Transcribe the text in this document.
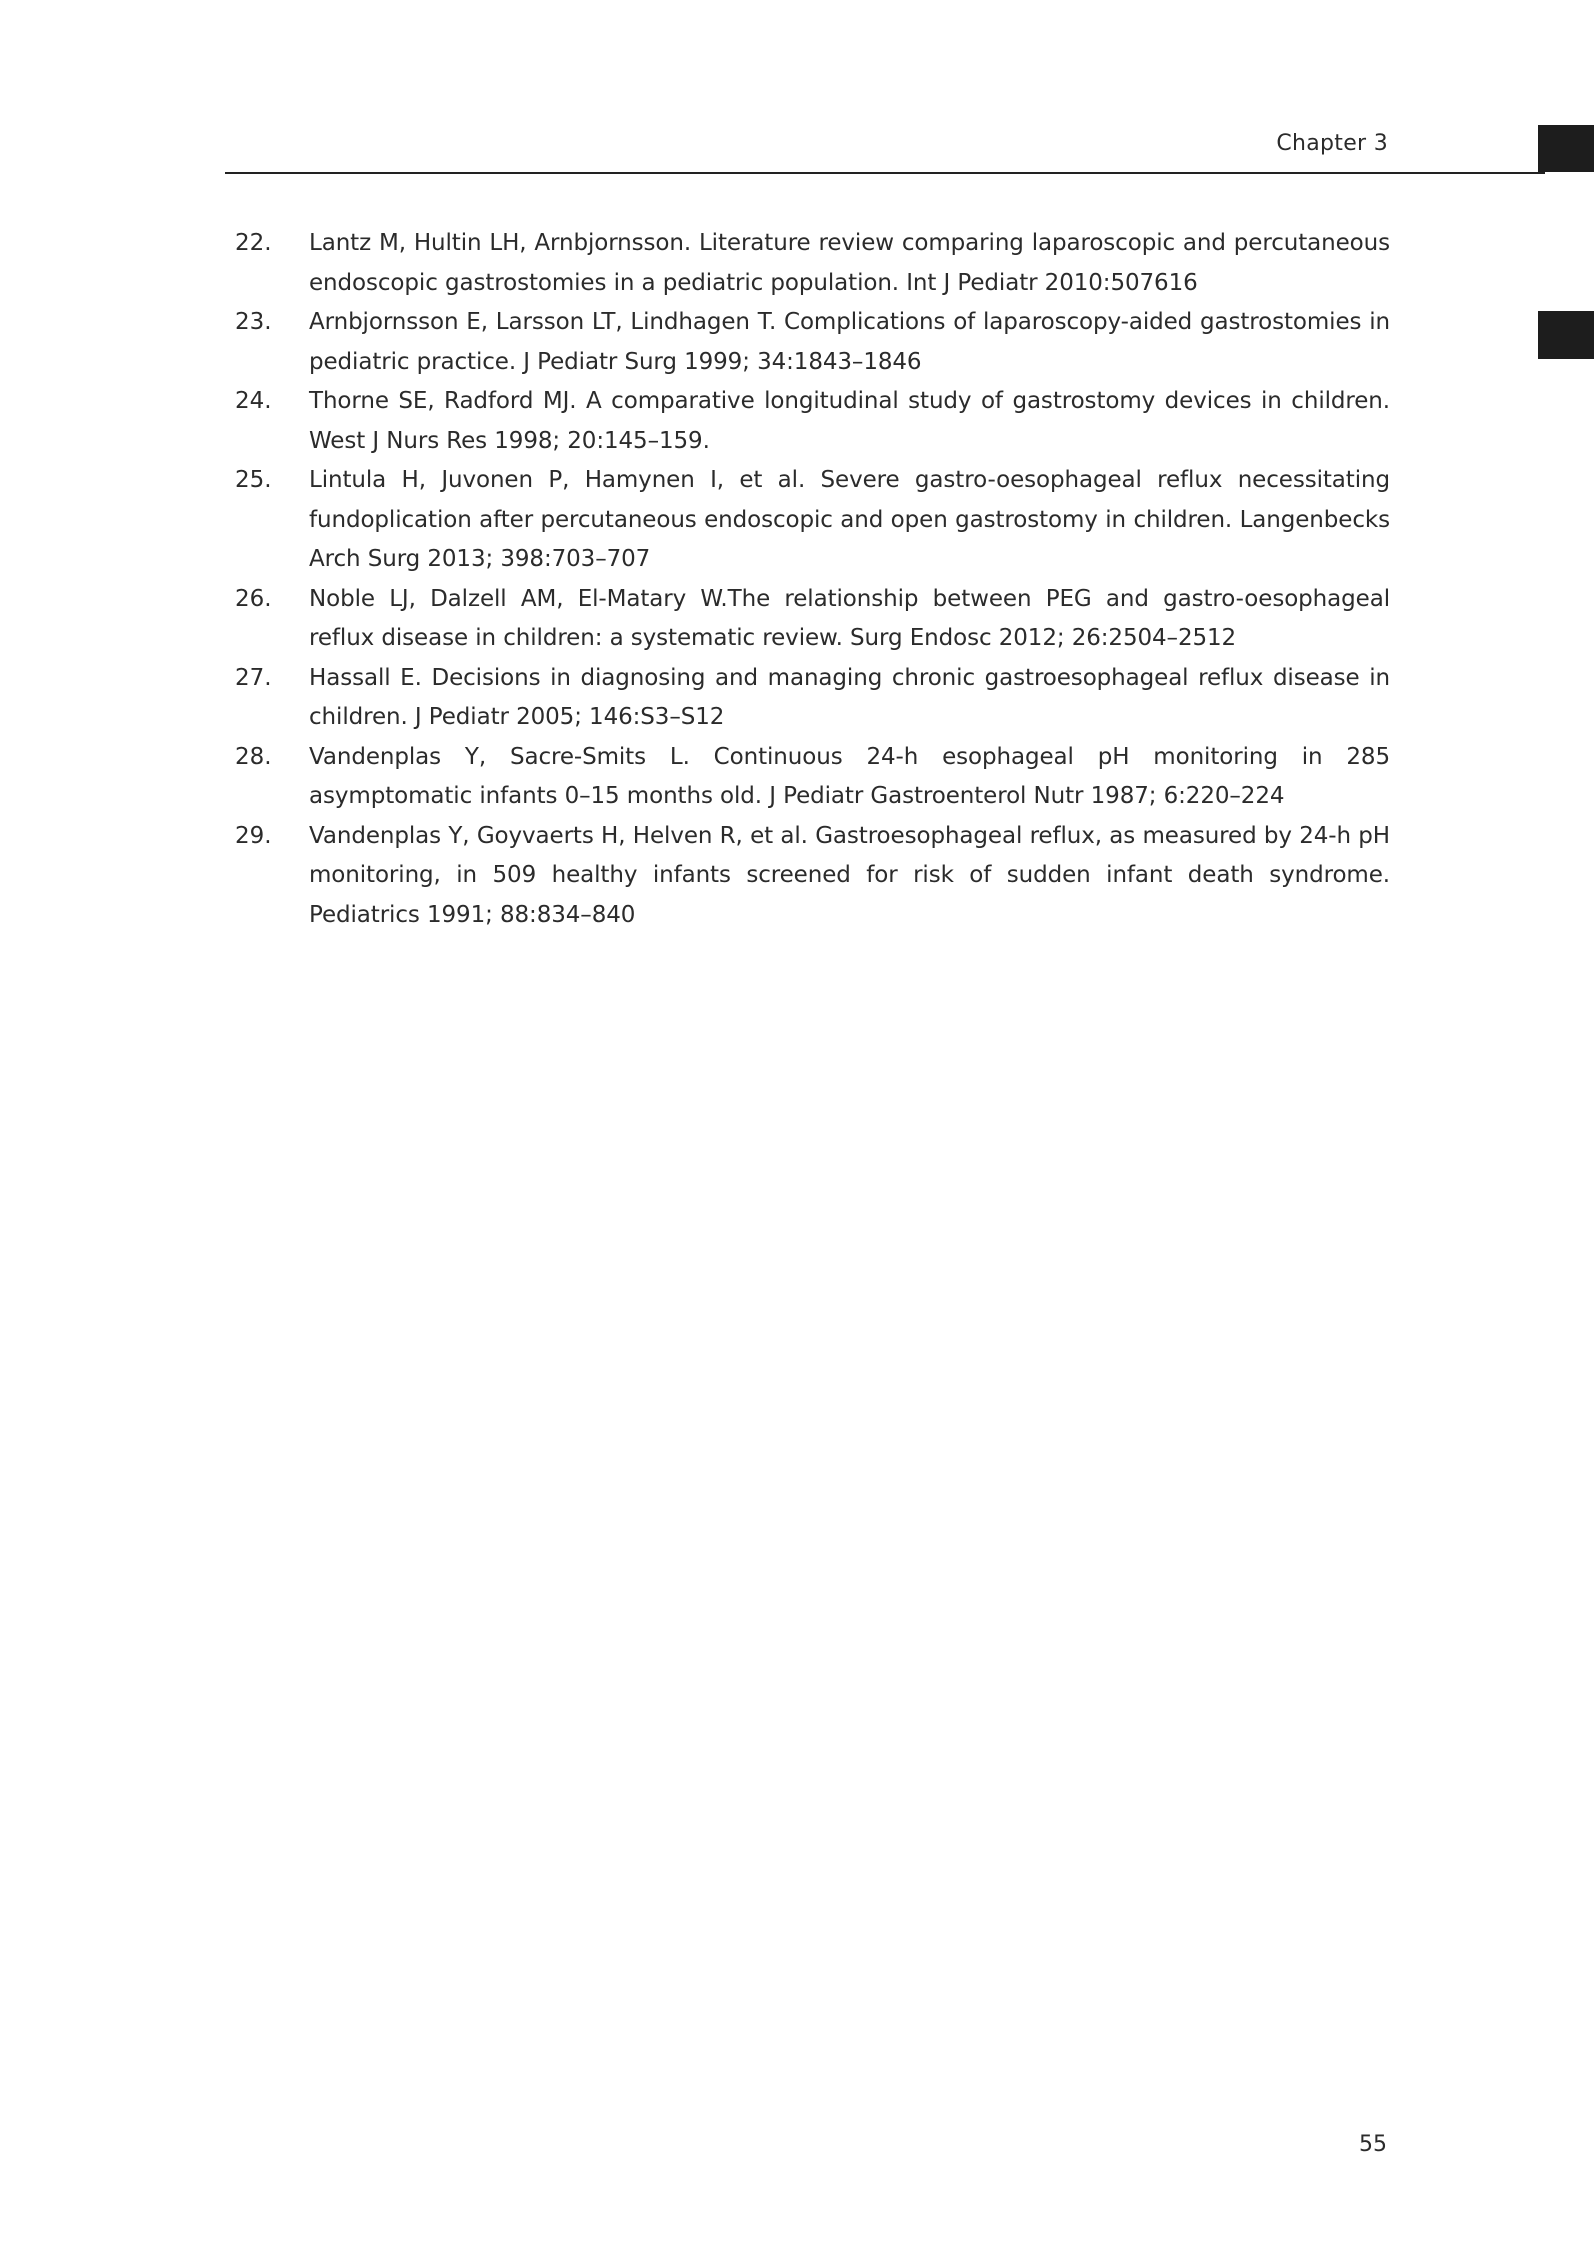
Chapter 3
22. Lantz M, Hultin LH, Arnbjornsson. Literature review comparing laparoscopic and percutaneous endoscopic gastrostomies in a pediatric population. Int J Pediatr 2010:507616
23. Arnbjornsson E, Larsson LT, Lindhagen T. Complications of laparoscopy-aided gastrostomies in pediatric practice. J Pediatr Surg 1999; 34:1843–1846
24. Thorne SE, Radford MJ. A comparative longitudinal study of gastrostomy devices in children. West J Nurs Res 1998; 20:145–159.
25. Lintula H, Juvonen P, Hamynen I, et al. Severe gastro-oesophageal reflux necessitating fundoplication after percutaneous endoscopic and open gastrostomy in children. Langenbecks Arch Surg 2013; 398:703–707
26. Noble LJ, Dalzell AM, El-Matary W.The relationship between PEG and gastro-oesophageal reflux disease in children: a systematic review. Surg Endosc 2012; 26:2504–2512
27. Hassall E. Decisions in diagnosing and managing chronic gastroesophageal reflux disease in children. J Pediatr 2005; 146:S3–S12
28. Vandenplas Y, Sacre-Smits L. Continuous 24-h esophageal pH monitoring in 285 asymptomatic infants 0–15 months old. J Pediatr Gastroenterol Nutr 1987; 6:220–224
29. Vandenplas Y, Goyvaerts H, Helven R, et al. Gastroesophageal reflux, as measured by 24-h pH monitoring, in 509 healthy infants screened for risk of sudden infant death syndrome. Pediatrics 1991; 88:834–840
55
